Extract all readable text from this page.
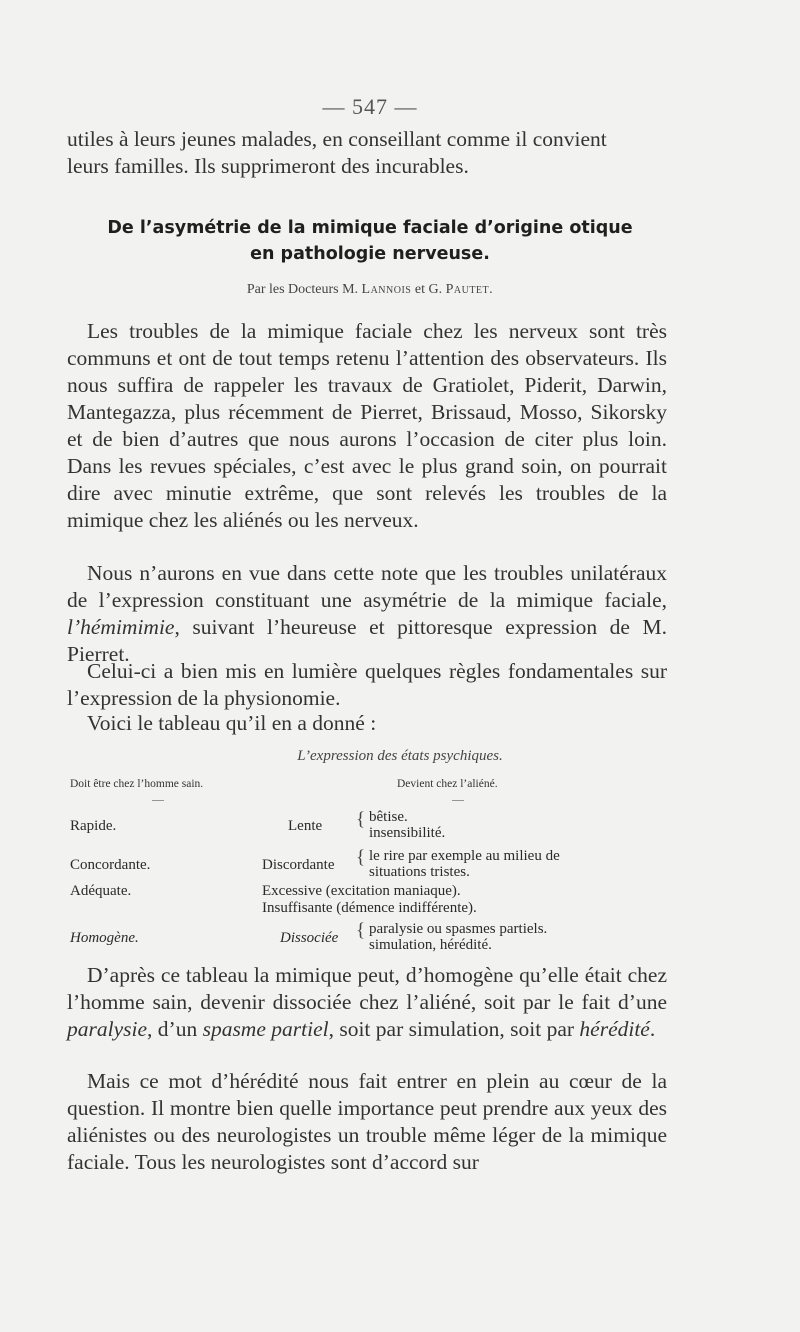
— 547 —

utiles à leurs jeunes malades, en conseillant comme il convient

leurs familles. Ils supprimeront des incurables.

De l’asymétrie de la mimique faciale d’origine otique
en pathologie nerveuse.
Par les Docteurs M. Lannois et G. Pautet.

Les troubles de la mimique faciale chez les nerveux sont très communs et ont de tout temps retenu l’attention des observateurs. Ils nous suffira de rappeler les travaux de Gratiolet, Piderit, Darwin, Mantegazza, plus récemment de Pierret, Brissaud, Mosso, Sikorsky et de bien d’autres que nous aurons l’occasion de citer plus loin. Dans les revues spéciales, c’est avec le plus grand soin, on pourrait dire avec minutie extrême, que sont relevés les troubles de la mimique chez les aliénés ou les nerveux.

Nous n’aurons en vue dans cette note que les troubles unilatéraux de l’expression constituant une asymétrie de la mimique faciale, l’hémimimie, suivant l’heureuse et pittoresque expression de M. Pierret.

Celui-ci a bien mis en lumière quelques règles fondamentales sur l’expression de la physionomie.

Voici le tableau qu’il en a donné :

L’expression des états psychiques.
Doit être chez l’homme sain.	Devient chez l’aliéné.
—	—
Rapide.	Lente { bêtise.
insensibilité.
Concordante.	Discordante { le rire par exemple au milieu de
situations tristes.
Adéquate.	Excessive (excitation maniaque).
Insuffisante (démence indifférente).
Homogène.	Dissociée { paralysie ou spasmes partiels.
simulation, hérédité.

D’après ce tableau la mimique peut, d’homogène qu’elle était chez l’homme sain, devenir dissociée chez l’aliéné, soit par le fait d’une paralysie, d’un spasme partiel, soit par simulation, soit par hérédité.

Mais ce mot d’hérédité nous fait entrer en plein au cœur de la question. Il montre bien quelle importance peut prendre aux yeux des aliénistes ou des neurologistes un trouble même léger de la mimique faciale. Tous les neurologistes sont d’accord sur
